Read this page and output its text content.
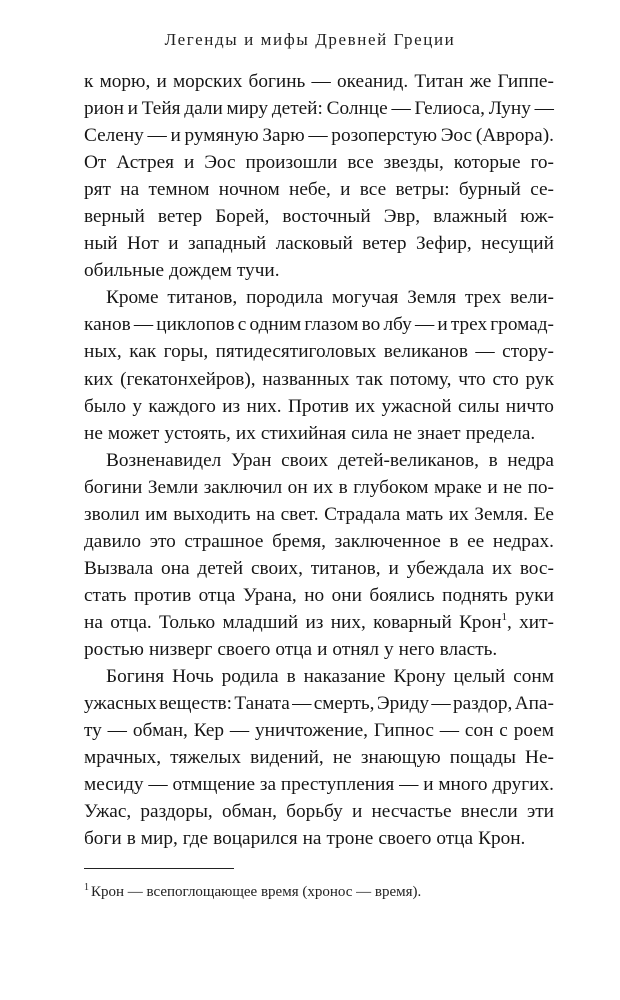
Легенды и мифы Древней Греции
к морю, и морских богинь — океанид. Титан же Гиппе-
рион и Тейя дали миру детей: Солнце — Гелиоса, Луну —
Селену — и румяную Зарю — розоперстую Эос (Аврора).
От Астрея и Эос произошли все звезды, которые го-
рят на темном ночном небе, и все ветры: бурный се-
верный ветер Борей, восточный Эвр, влажный юж-
ный Нот и западный ласковый ветер Зефир, несущий
обильные дождем тучи.
Кроме титанов, породила могучая Земля трех вели-
канов — циклопов с одним глазом во лбу — и трех громад-
ных, как горы, пятидесятиголовых великанов — стору-
ких (гекатонхейров), названных так потому, что сто рук
было у каждого из них. Против их ужасной силы ничто
не может устоять, их стихийная сила не знает предела.
Возненавидел Уран своих детей-великанов, в недра
богини Земли заключил он их в глубоком мраке и не по-
зволил им выходить на свет. Страдала мать их Земля. Ее
давило это страшное бремя, заключенное в ее недрах.
Вызвала она детей своих, титанов, и убеждала их вос-
стать против отца Урана, но они боялись поднять руки
на отца. Только младший из них, коварный Крон1, хит-
ростью низверг своего отца и отнял у него власть.
Богиня Ночь родила в наказание Крону целый сонм
ужасных веществ: Таната — смерть, Эриду — раздор, Апа-
ту — обман, Кер — уничтожение, Гипнос — сон с роем
мрачных, тяжелых видений, не знающую пощады Не-
месиду — отмщение за преступления — и много других.
Ужас, раздоры, обман, борьбу и несчастье внесли эти
боги в мир, где воцарился на троне своего отца Крон.
$^1$ Крон — всепоглощающее время (хронос — время).
